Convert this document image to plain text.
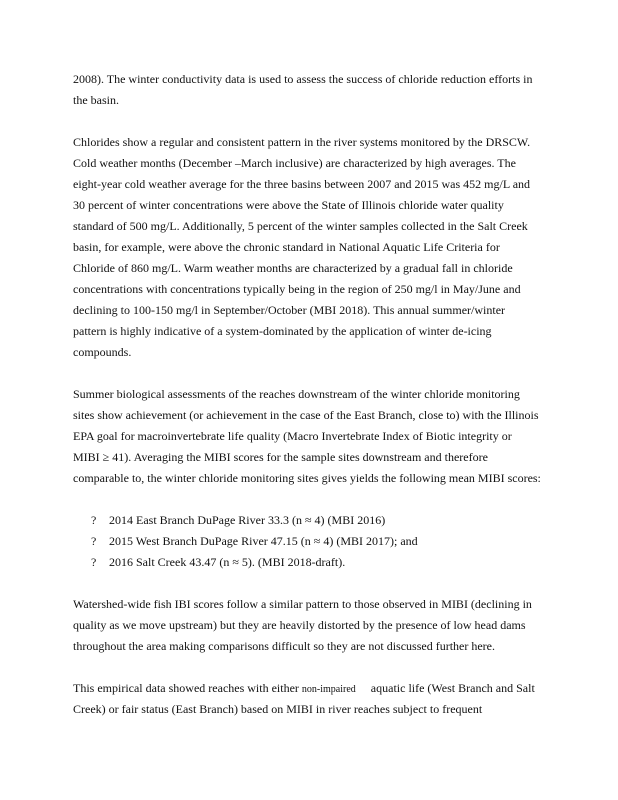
2008). The winter conductivity data is used to assess the success of chloride reduction efforts in
the basin.
Chlorides show a regular and consistent pattern in the river systems monitored by the DRSCW.
Cold weather months (December –March inclusive) are characterized by high averages. The
eight-year cold weather average for the three basins between 2007 and 2015 was 452 mg/L and
30 percent of winter concentrations were above the State of Illinois chloride water quality
standard of 500 mg/L. Additionally, 5 percent of the winter samples collected in the Salt Creek
basin, for example, were above the chronic standard in National Aquatic Life Criteria for
Chloride of 860 mg/L. Warm weather months are characterized by a gradual fall in chloride
concentrations with concentrations typically being in the region of 250 mg/l in May/June and
declining to 100-150 mg/l in September/October (MBI 2018). This annual summer/winter
pattern is highly indicative of a system-dominated by the application of winter de-icing
compounds.
Summer biological assessments of the reaches downstream of the winter chloride monitoring
sites show achievement (or achievement in the case of the East Branch, close to) with the Illinois
EPA goal for macroinvertebrate life quality (Macro Invertebrate Index of Biotic integrity or
MIBI ≥ 41). Averaging the MIBI scores for the sample sites downstream and therefore
comparable to, the winter chloride monitoring sites gives yields the following mean MIBI scores:
?	2014 East Branch DuPage River 33.3 (n ≈ 4) (MBI 2016)
?	2015 West Branch DuPage River 47.15 (n ≈ 4) (MBI 2017); and
?	2016 Salt Creek 43.47 (n ≈ 5). (MBI 2018-draft).
Watershed-wide fish IBI scores follow a similar pattern to those observed in MIBI (declining in
quality as we move upstream) but they are heavily distorted by the presence of low head dams
throughout the area making comparisons difficult so they are not discussed further here.
This empirical data showed reaches with either non-impaired     aquatic life (West Branch and Salt
Creek) or fair status (East Branch) based on MIBI in river reaches subject to frequent
